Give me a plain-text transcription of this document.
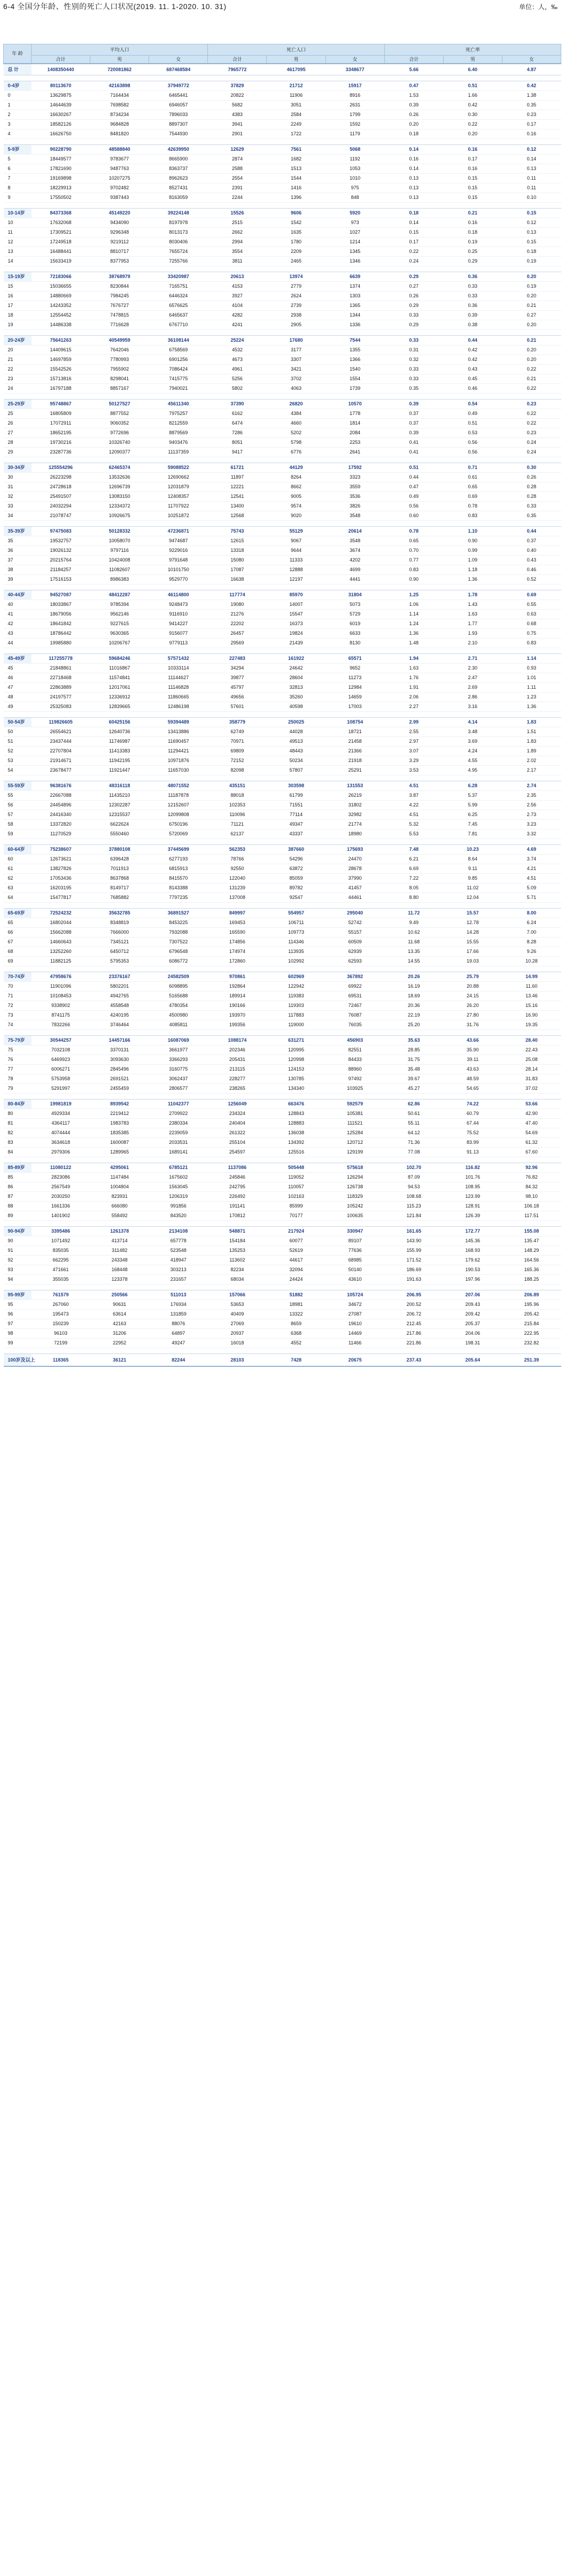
6-4 全国分年龄、性别的死亡人口状况(2019. 11. 1-2020. 10. 31)	单位：人，‰
年 龄	平均人口			死亡人口			死亡率		
	合计	男	女	合计	男	女	合计	男	女
总 计	1408350440	720081862	687468584	7965772	4617095	3348677	5.66	6.40	4.87

0-4岁	80113670	42163898	37949772	37829	21712	15917	0.47	0.51	0.42
0	13629875	7164434	6465441	20822	11906	8916	1.53	1.66	1.38
1	14644639	7698582	6946057	5682	3051	2631	0.39	0.42	0.35
2	16630267	8734234	7896033	4383	2584	1799	0.26	0.30	0.23
3	18582126	9684828	8897307	3941	2249	1592	0.20	0.22	0.17
4	16626750	8481820	7544930	2901	1722	1179	0.18	0.20	0.16

5-9岁	90228790	48588840	42639950	12629	7561	5068	0.14	0.16	0.12
5	18449577	9783677	8665900	2874	1682	1192	0.16	0.17	0.14
6	17821690	9487763	8363737	2588	1513	1053	0.14	0.16	0.13
7	19169898	10207275	8962623	2554	1544	1010	0.13	0.15	0.11
8	18229913	9702482	8527431	2391	1416	975	0.13	0.15	0.11
9	17550502	9387443	8163059	2244	1396	848	0.13	0.15	0.10

10-14岁	84373368	45149220	39224148	15526	9606	5920	0.18	0.21	0.15
10	17632068	9434090	8197978	2515	1542	973	0.14	0.16	0.12
11	17309521	9296348	8013173	2662	1635	1027	0.15	0.18	0.13
12	17249518	9219112	8030406	2994	1780	1214	0.17	0.19	0.15
13	16488441	8810717	7655724	3554	2209	1345	0.22	0.25	0.18
14	15633419	8377953	7255766	3811	2465	1346	0.24	0.29	0.19

15-19岁	72183066	38768979	33420987	20613	13974	6639	0.29	0.36	0.20
15	15036655	8230844	7165751	4153	2779	1374	0.27	0.33	0.19
16	14880669	7984245	6446324	3927	2624	1303	0.26	0.33	0.20
17	14243352	7676727	6576625	4104	2739	1365	0.29	0.36	0.21
18	12554452	7478815	6465637	4282	2938	1344	0.33	0.39	0.27
19	14486338	7716628	6767710	4241	2905	1336	0.29	0.38	0.20

20-24岁	75641263	40549959	36108144	25224	17680	7544	0.33	0.44	0.21
20	14409615	7642046	6758569	4532	3177	1355	0.31	0.42	0.20
21	14697859	7780993	6901256	4673	3307	1366	0.32	0.42	0.20
22	15542526	7955902	7086424	4961	3421	1540	0.33	0.43	0.22
23	15713816	8298041	7415775	5256	3702	1554	0.33	0.45	0.21
24	16797188	8857167	7940021	5802	4063	1739	0.35	0.46	0.22

25-29岁	95748867	50127527	45611340	37390	26820	10570	0.39	0.54	0.23
25	16805809	8877552	7975257	6162	4384	1778	0.37	0.49	0.22
26	17072911	9060352	8212559	6474	4660	1814	0.37	0.51	0.22
27	18652195	9772696	8879569	7286	5202	2084	0.39	0.53	0.23
28	19730216	10326740	9403476	8051	5798	2253	0.41	0.56	0.24
29	23287736	12090377	11137359	9417	6776	2641	0.41	0.56	0.24

30-34岁	125554296	62465374	59088522	61721	44129	17592	0.51	0.71	0.30
30	26223298	13532636	12690662	11897	8264	3323	0.44	0.61	0.26
31	24728618	12696739	12031879	12221	8662	3559	0.47	0.65	0.28
32	25491507	13083150	12408357	12541	9005	3536	0.49	0.69	0.28
33	24032294	12334372	11707922	13400	9574	3826	0.56	0.78	0.33
34	21078747	10926675	10251872	12568	9020	3548	0.60	0.83	0.35

35-39岁	97475083	50128332	47236871	75743	55129	20614	0.78	1.10	0.44
35	19532757	10058070	9474687	12615	9067	3548	0.65	0.90	0.37
36	19026132	9797116	9229016	13318	9644	3674	0.70	0.99	0.40
37	20215764	10424008	9791648	15080	11333	4202	0.77	1.09	0.43
38	21184257	11082607	10101750	17087	12888	4699	0.83	1.18	0.46
39	17516153	8986383	9529770	16638	12197	4441	0.90	1.36	0.52

40-44岁	94527087	48412287	46114800	117774	85970	31804	1.25	1.78	0.69
40	18033867	9785394	9248473	19080	14007	5073	1.06	1.43	0.55
41	18679056	9562146	9116910	21276	15547	5729	1.14	1.63	0.63
42	18641842	9227615	9414227	22202	16373	6019	1.24	1.77	0.68
43	18786442	9630365	9156077	26457	19824	6633	1.36	1.93	0.75
44	19985880	10206767	9779113	29569	21439	8130	1.48	2.10	0.83

45-49岁	117255778	59684246	57571432	227483	161922	65571	1.94	2.71	1.14
45	21848861	11016867	10333114	34294	24642	9652	1.63	2.30	0.93
46	22718468	11574841	11144627	39877	28604	11273	1.76	2.47	1.01
47	22863889	12017061	11146828	45797	32813	12984	1.91	2.69	1.11
48	24197577	12336912	11860665	49656	35260	14659	2.06	2.86	1.23
49	25325083	12839665	12486198	57601	40598	17003	2.27	3.16	1.36

50-54岁	119826605	60425156	59394489	358779	250025	108754	2.99	4.14	1.83
50	26554621	12640736	13413886	62749	44028	18721	2.55	3.48	1.51
51	23437444	11746987	11690457	70971	49513	21458	2.97	3.69	1.83
52	22707804	11413383	11294421	69809	48443	21366	3.07	4.24	1.89
53	21914671	11942195	10971876	72152	50234	21918	3.29	4.55	2.02
54	23678477	11921447	11657030	82098	57807	25291	3.53	4.95	2.17

55-59岁	96381676	48316118	48071552	435151	303598	131553	4.51	6.28	2.74
55	22667088	11435210	11187878	88018	61799	26219	3.87	5.37	2.35
56	24454896	12302287	12152607	102353	71551	31802	4.22	5.99	2.56
57	24416340	12315537	12099808	110096	77114	32982	4.51	6.25	2.73
58	13372820	6622624	6750196	71121	49347	21774	5.32	7.45	3.23
59	11270529	5550460	5720069	62137	43337	18980	5.53	7.81	3.32

60-64岁	75238607	37880108	37445699	562353	387660	175693	7.48	10.23	4.69
60	12673621	6396428	6277193	78766	54296	24470	6.21	8.64	3.74
61	13827826	7011913	6815913	92550	63872	28678	6.69	9.11	4.21
62	17053436	8637868	8415570	122040	85059	37990	7.22	9.85	4.51
63	16203195	8149717	8143388	131239	89782	41457	8.05	11.02	5.09
64	15477817	7685882	7797235	137008	92547	44461	8.80	12.04	5.71

65-69岁	72524232	35632785	36891527	849997	554957	295040	11.72	15.57	8.00
65	16802044	8348819	8453225	169453	106711	52742	9.49	12.78	6.24
66	15662088	7666000	7932088	165590	109773	55157	10.62	14.28	7.00
67	14660643	7345121	7307522	174856	114346	60509	11.68	15.55	8.28
68	13252260	6450712	6796548	174974	113935	62939	13.35	17.66	9.26
69	11882125	5795353	6086772	172860	102992	62593	14.55	19.03	10.28

70-74岁	47958676	23376167	24582509	970861	602969	367892	20.26	25.79	14.99
70	11901096	5802201	6098895	192864	122942	69922	16.19	20.88	11.60
71	10108453	4942765	5165688	189914	119383	69531	18.69	24.15	13.46
72	9338902	4558548	4780354	190166	119303	72467	20.36	26.20	15.16
73	8741175	4240195	4500980	193970	117883	76087	22.19	27.80	16.90
74	7832266	3746464	4085811	199356	119000	76035	25.20	31.76	19.35

75-79岁	30544257	14457166	16087069	1088174	631271	456903	35.63	43.66	28.40
75	7032108	3370131	3661977	202346	120995	82551	28.85	35.90	22.43
76	6469923	3093630	3366293	205431	120998	84433	31.75	39.11	25.08
77	6006271	2845496	3160775	213115	124153	88960	35.48	43.63	28.14
78	5753958	2691521	3062437	228277	130785	97492	39.67	48.59	31.83
79	5291997	2455459	2806577	238265	134340	103925	45.27	54.65	37.02

80-84岁	19981819	8939542	11042377	1256049	663476	592579	62.86	74.22	53.66
80	4929334	2219412	2709922	234324	128843	105381	50.61	60.79	42.90
81	4364117	1983783	2380334	240404	128883	111521	55.11	67.44	47.40
82	4074444	1835385	2239059	261322	136038	125284	64.12	75.52	54.69
83	3634618	1600087	2033531	255104	134392	120712	71.36	83.99	61.32
84	2979306	1289965	1689141	254597	125516	129199	77.08	91.13	67.60

85-89岁	11080122	4295061	6785121	1137086	505448	575618	102.70	116.82	92.96
85	2823086	1147484	1675602	245846	119052	126294	87.09	101.76	76.82
86	2567549	1004804	1563045	242795	110057	126738	94.53	108.95	84.32
87	2030250	823931	1206319	226492	102163	118329	108.68	123.99	98.10
88	1661336	666080	991856	191141	85999	105242	115.23	128.91	106.18
89	1401902	558492	843520	170812	70177	100635	121.84	126.39	117.51

90-94岁	3395486	1261378	2134108	548871	217924	330947	161.65	172.77	155.08
90	1071492	413714	657778	154184	60077	89107	143.90	145.36	135.47
91	835035	311482	523548	135253	52619	77636	155.99	168.93	148.29
92	662295	243348	418947	113602	44617	68985	171.52	179.62	164.56
93	471661	168448	303213	82234	32094	50140	186.69	190.53	165.36
94	355035	123378	231657	68034	24424	43610	191.63	197.96	188.25

95-99岁	761579	250566	511013	157066	51882	105724	206.95	207.06	206.89
95	267060	90631	176934	53653	18981	34672	200.52	209.43	195.96
96	195473	63614	131859	40409	13322	27087	206.72	209.42	205.42
97	150239	42163	88076	27069	8659	19610	212.45	205.37	215.84
98	96103	31206	64897	20937	6368	14469	217.86	204.06	222.95
99	72199	22952	49247	16018	4552	11466	221.86	198.31	232.82

100岁及以上	118365	36121	82244	28103	7428	20675	237.43	205.64	251.39
